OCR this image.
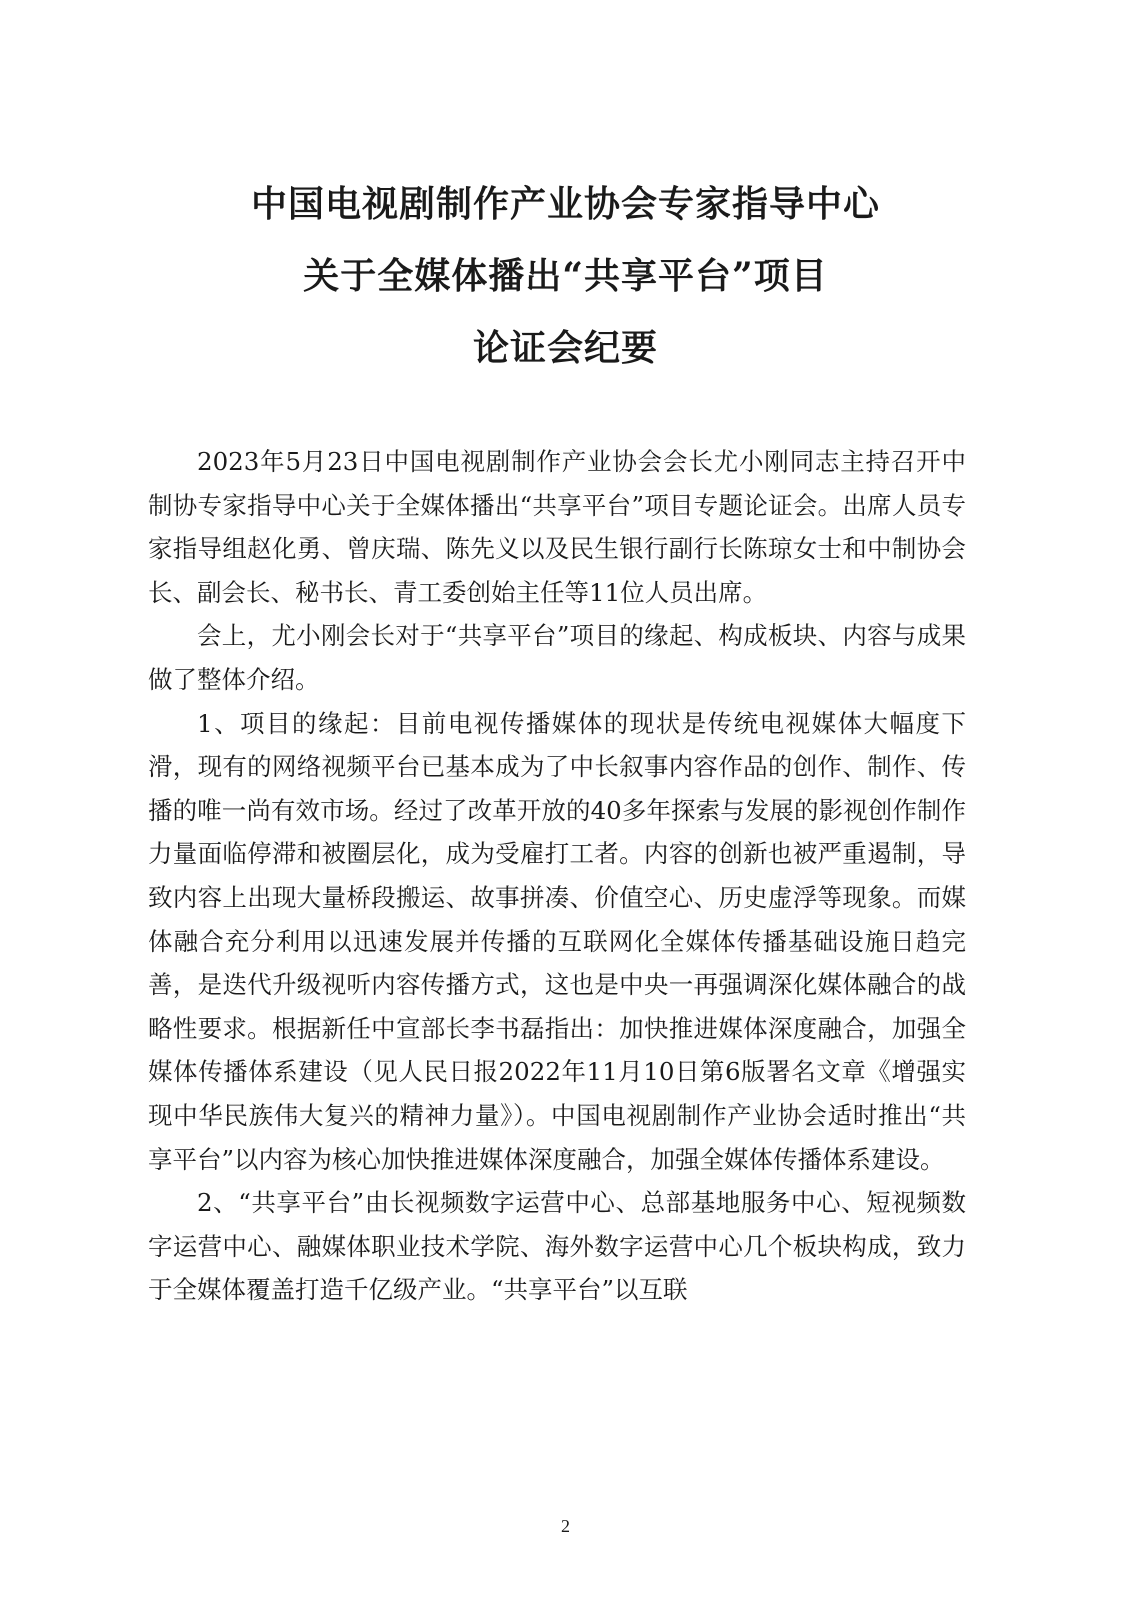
中国电视剧制作产业协会专家指导中心
关于全媒体播出“共享平台”项目
论证会纪要

2023年5月23日中国电视剧制作产业协会会长尤小刚同志主持召开中制协专家指导中心关于全媒体播出“共享平台”项目专题论证会。出席人员专家指导组赵化勇、曾庆瑞、陈先义以及民生银行副行长陈琼女士和中制协会长、副会长、秘书长、青工委创始主任等11位人员出席。

会上，尤小刚会长对于“共享平台”项目的缘起、构成板块、内容与成果做了整体介绍。

1、项目的缘起：目前电视传播媒体的现状是传统电视媒体大幅度下滑，现有的网络视频平台已基本成为了中长叙事内容作品的创作、制作、传播的唯一尚有效市场。经过了改革开放的40多年探索与发展的影视创作制作力量面临停滞和被圈层化，成为受雇打工者。内容的创新也被严重遏制，导致内容上出现大量桥段搬运、故事拼凑、价值空心、历史虚浮等现象。而媒体融合充分利用以迅速发展并传播的互联网化全媒体传播基础设施日趋完善，是迭代升级视听内容传播方式，这也是中央一再强调深化媒体融合的战略性要求。根据新任中宣部长李书磊指出：加快推进媒体深度融合，加强全媒体传播体系建设（见人民日报2022年11月10日第6版署名文章《增强实现中华民族伟大复兴的精神力量》）。中国电视剧制作产业协会适时推出“共享平台”以内容为核心加快推进媒体深度融合，加强全媒体传播体系建设。

2、“共享平台”由长视频数字运营中心、总部基地服务中心、短视频数字运营中心、融媒体职业技术学院、海外数字运营中心几个板块构成，致力于全媒体覆盖打造千亿级产业。“共享平台”以互联

2
